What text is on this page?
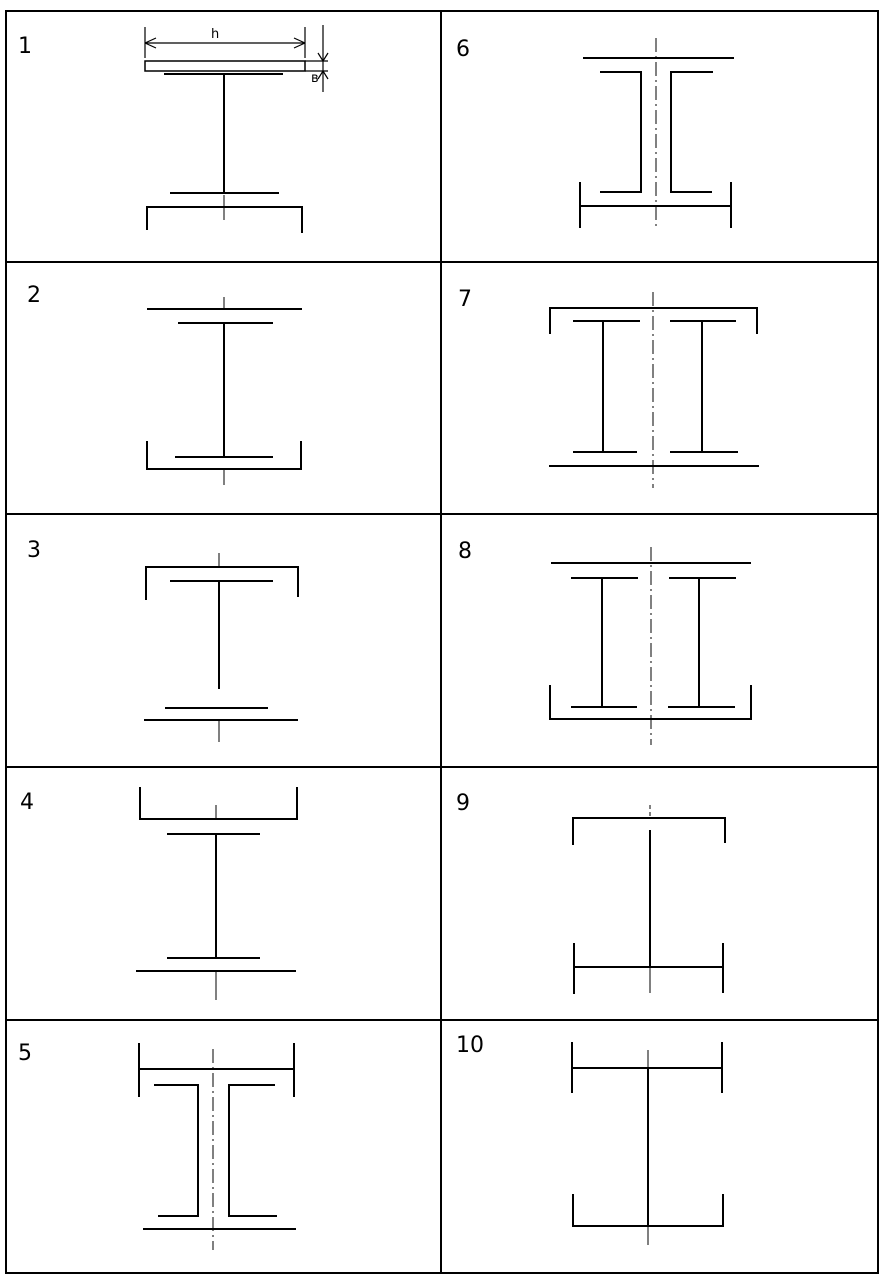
1
2
3
4
5
6
7
8
9
10
h
в
